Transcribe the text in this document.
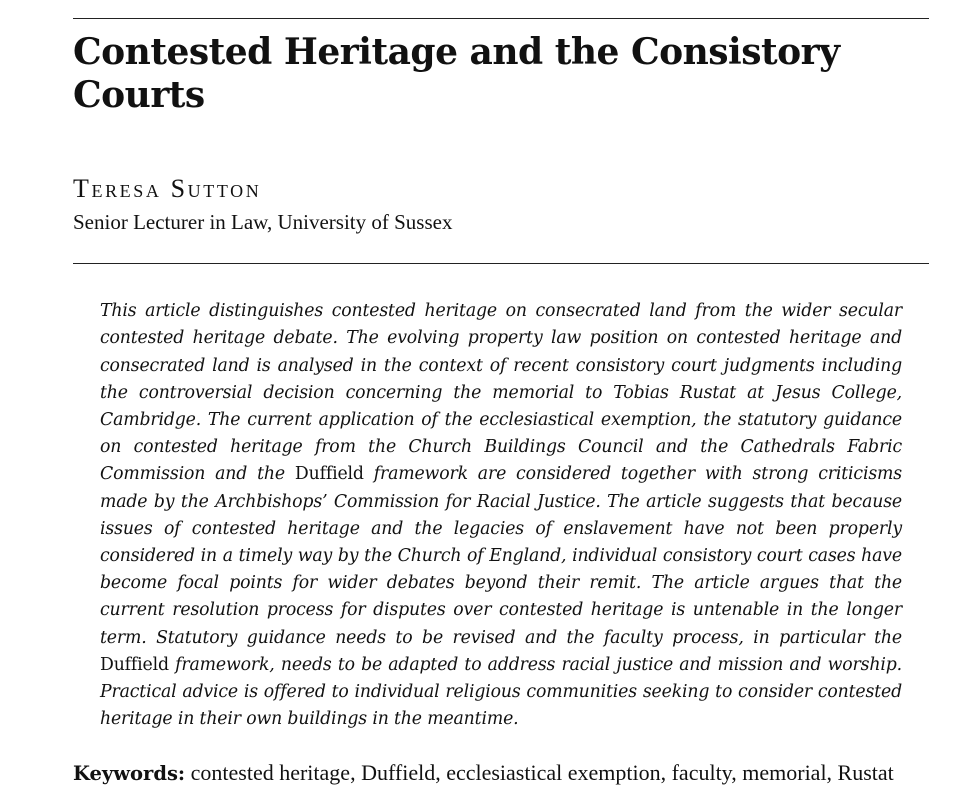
Contested Heritage and the Consistory Courts
Teresa Sutton
Senior Lecturer in Law, University of Sussex

This article distinguishes contested heritage on consecrated land from the wider secular contested heritage debate. The evolving property law position on contested heritage and consecrated land is analysed in the context of recent consistory court judgments including the controversial decision concerning the memorial to Tobias Rustat at Jesus College, Cambridge. The current application of the ecclesiastical exemption, the statutory guidance on contested heritage from the Church Buildings Council and the Cathedrals Fabric Commission and the Duffield framework are considered together with strong criticisms made by the Archbishops’ Commission for Racial Justice. The article suggests that because issues of contested heritage and the legacies of enslavement have not been properly considered in a timely way by the Church of England, individual consistory court cases have become focal points for wider debates beyond their remit. The article argues that the current resolution process for disputes over contested heritage is untenable in the longer term. Statutory guidance needs to be revised and the faculty process, in particular the Duffield framework, needs to be adapted to address racial justice and mission and worship. Practical advice is offered to individual religious communities seeking to consider contested heritage in their own buildings in the meantime.

Keywords: contested heritage, Duffield, ecclesiastical exemption, faculty, memorial, Rustat
